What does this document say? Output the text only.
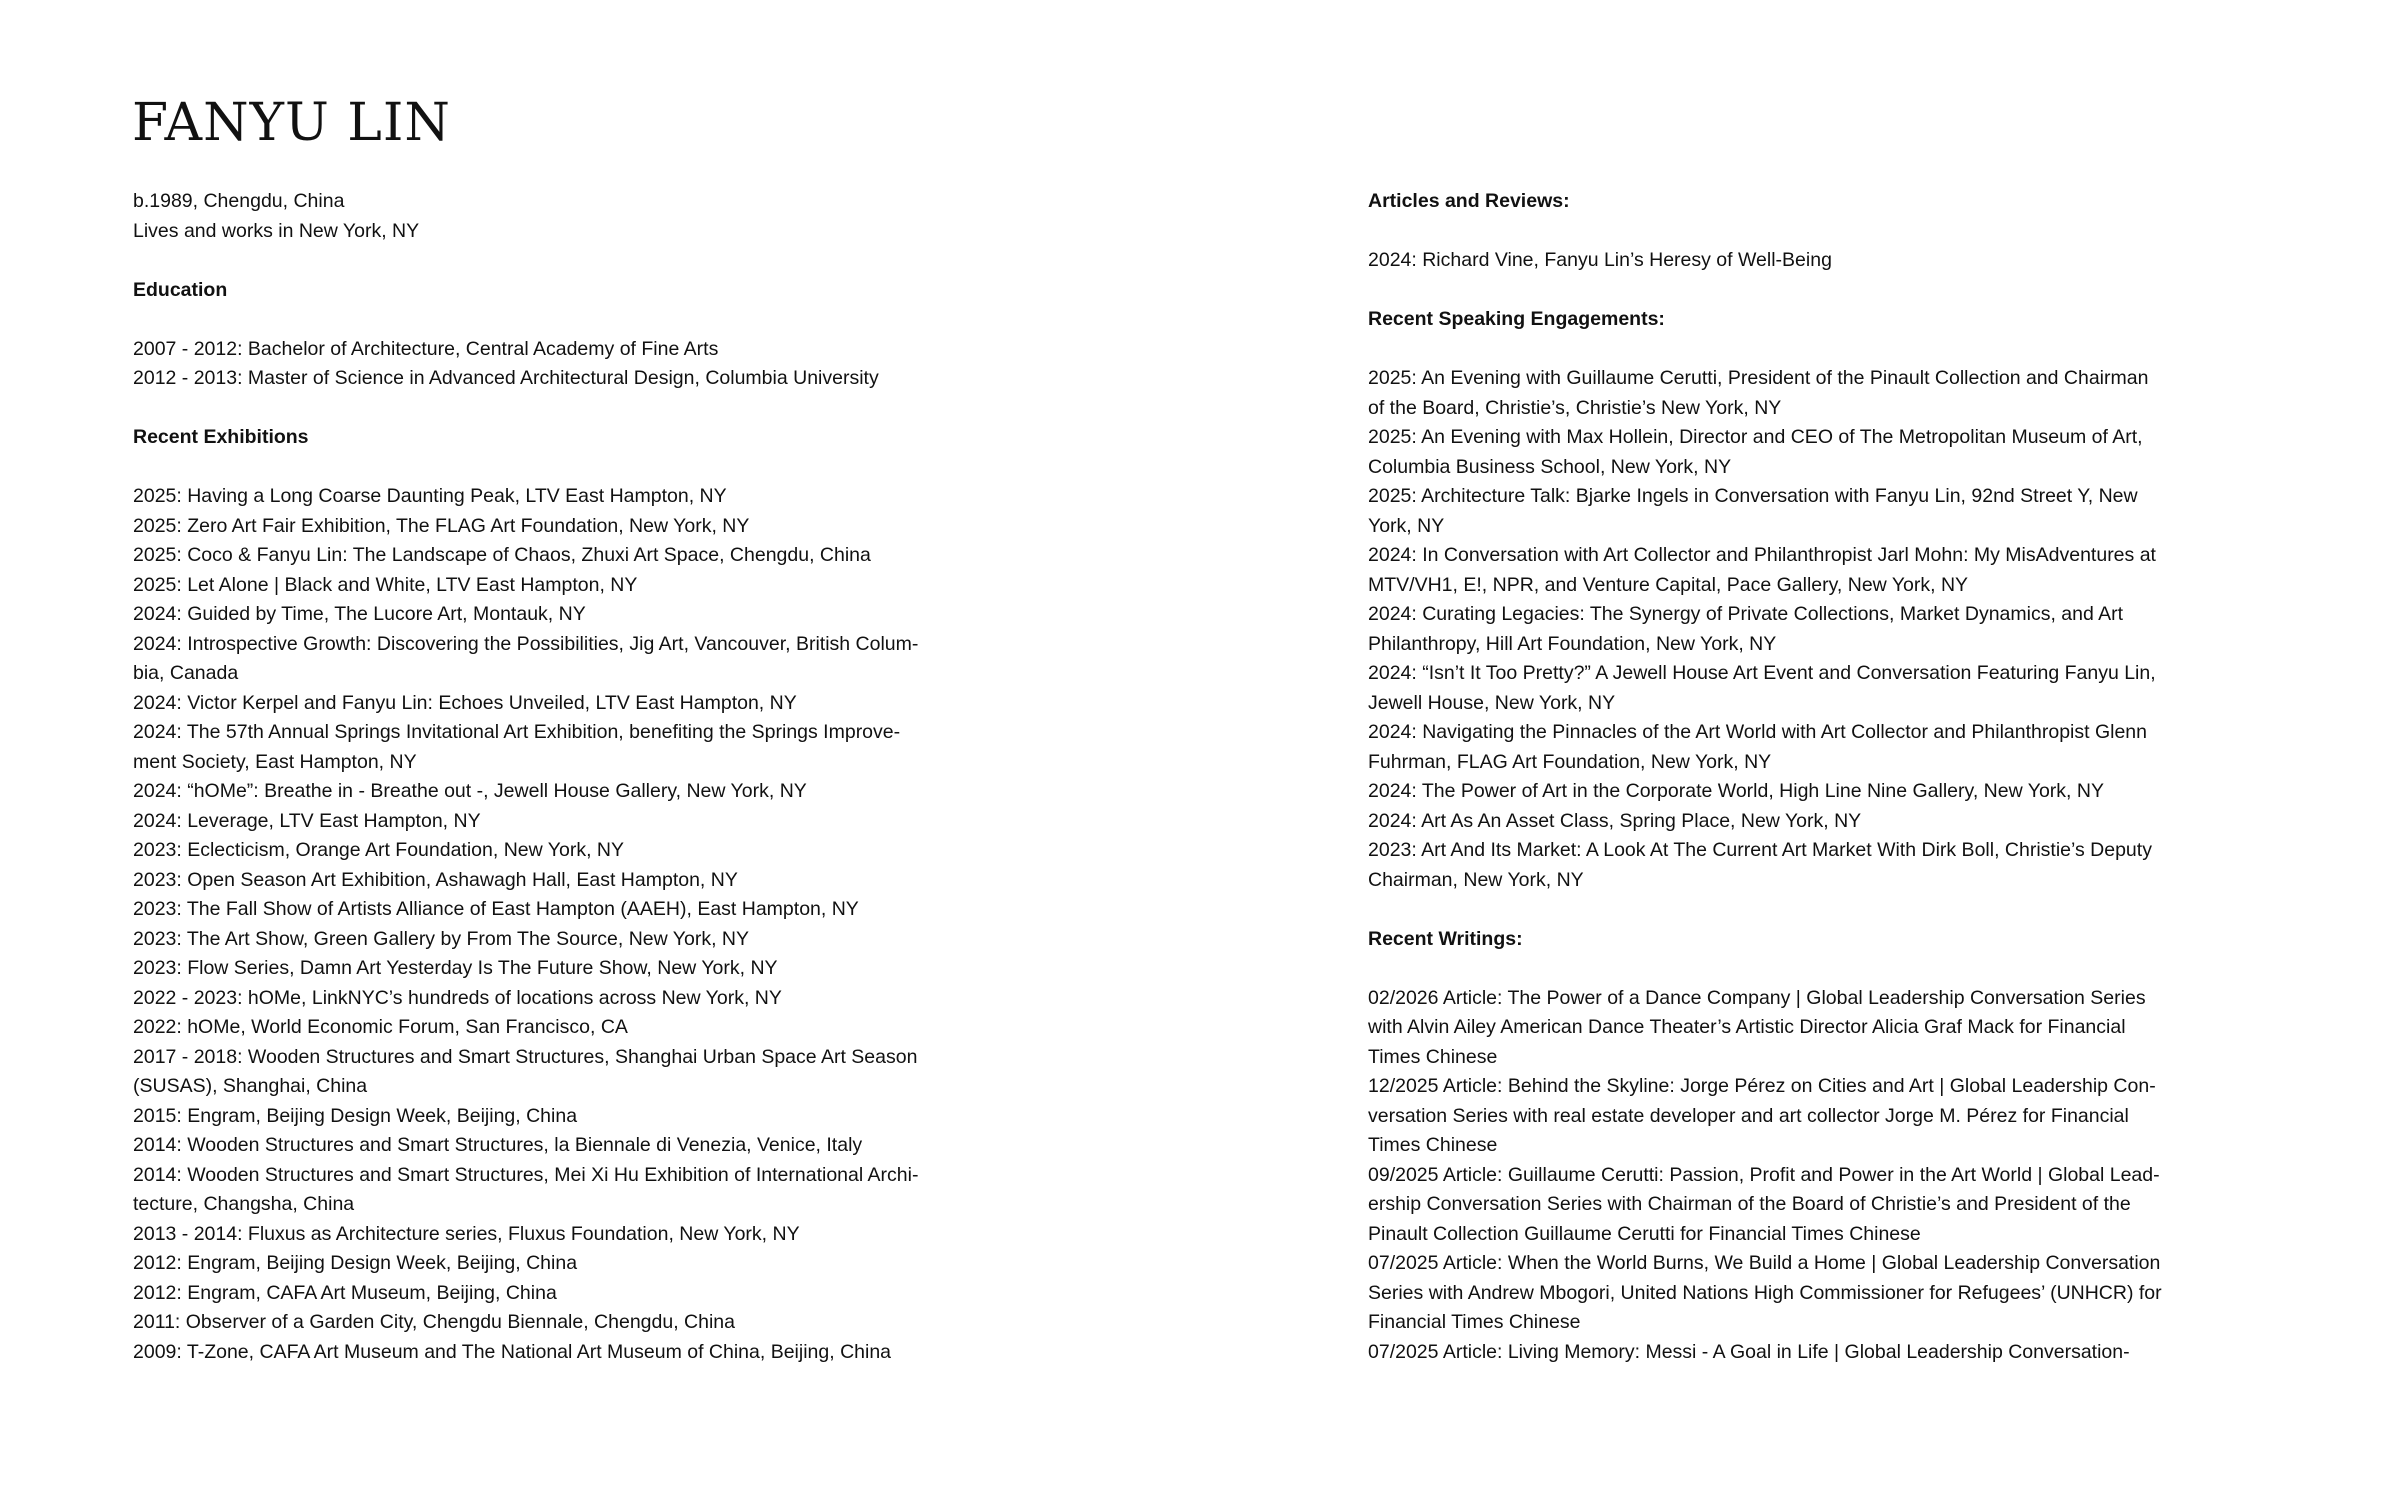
FANYU LIN

b.1989, Chengdu, China

Lives and works in New York, NY

Education

2007 - 2012: Bachelor of Architecture, Central Academy of Fine Arts
2012 - 2013: Master of Science in Advanced Architectural Design, Columbia University

Recent Exhibitions

2025: Having a Long Coarse Daunting Peak, LTV East Hampton, NY
2025: Zero Art Fair Exhibition, The FLAG Art Foundation, New York, NY
2025: Coco & Fanyu Lin: The Landscape of Chaos, Zhuxi Art Space, Chengdu, China
2025: Let Alone | Black and White, LTV East Hampton, NY
2024: Guided by Time, The Lucore Art, Montauk, NY
2024: Introspective Growth: Discovering the Possibilities, Jig Art, Vancouver, British Colum-
bia, Canada
2024: Victor Kerpel and Fanyu Lin: Echoes Unveiled, LTV East Hampton, NY
2024: The 57th Annual Springs Invitational Art Exhibition, benefiting the Springs Improve-
ment Society, East Hampton, NY
2024: “hOMe”: Breathe in - Breathe out -, Jewell House Gallery, New York, NY
2024: Leverage, LTV East Hampton, NY
2023: Eclecticism, Orange Art Foundation, New York, NY
2023: Open Season Art Exhibition, Ashawagh Hall, East Hampton, NY
2023: The Fall Show of Artists Alliance of East Hampton (AAEH), East Hampton, NY
2023: The Art Show, Green Gallery by From The Source, New York, NY
2023: Flow Series, Damn Art Yesterday Is The Future Show, New York, NY
2022 - 2023: hOMe, LinkNYC’s hundreds of locations across New York, NY
2022: hOMe, World Economic Forum, San Francisco, CA
2017 - 2018: Wooden Structures and Smart Structures, Shanghai Urban Space Art Season
(SUSAS), Shanghai, China
2015: Engram, Beijing Design Week, Beijing, China
2014: Wooden Structures and Smart Structures, la Biennale di Venezia, Venice, Italy
2014: Wooden Structures and Smart Structures, Mei Xi Hu Exhibition of International Archi-
tecture, Changsha, China
2013 - 2014: Fluxus as Architecture series, Fluxus Foundation, New York, NY
2012: Engram, Beijing Design Week, Beijing, China
2012: Engram, CAFA Art Museum, Beijing, China
2011: Observer of a Garden City, Chengdu Biennale, Chengdu, China
2009: T-Zone, CAFA Art Museum and The National Art Museum of China, Beijing, China

Articles and Reviews:

2024: Richard Vine, Fanyu Lin’s Heresy of Well-Being

Recent Speaking Engagements:

2025: An Evening with Guillaume Cerutti, President of the Pinault Collection and Chairman
of the Board, Christie’s, Christie’s New York, NY
2025: An Evening with Max Hollein, Director and CEO of The Metropolitan Museum of Art,
Columbia Business School, New York, NY
2025: Architecture Talk: Bjarke Ingels in Conversation with Fanyu Lin, 92nd Street Y, New
York, NY
2024: In Conversation with Art Collector and Philanthropist Jarl Mohn: My MisAdventures at
MTV/VH1, E!, NPR, and Venture Capital, Pace Gallery, New York, NY
2024: Curating Legacies: The Synergy of Private Collections, Market Dynamics, and Art
Philanthropy, Hill Art Foundation, New York, NY
2024: “Isn’t It Too Pretty?” A Jewell House Art Event and Conversation Featuring Fanyu Lin,
Jewell House, New York, NY
2024: Navigating the Pinnacles of the Art World with Art Collector and Philanthropist Glenn
Fuhrman, FLAG Art Foundation, New York, NY
2024: The Power of Art in the Corporate World, High Line Nine Gallery, New York, NY
2024: Art As An Asset Class, Spring Place, New York, NY
2023: Art And Its Market: A Look At The Current Art Market With Dirk Boll, Christie’s Deputy
Chairman, New York, NY

Recent Writings:

02/2026 Article: The Power of a Dance Company | Global Leadership Conversation Series
with Alvin Ailey American Dance Theater’s Artistic Director Alicia Graf Mack for Financial
Times Chinese
12/2025 Article: Behind the Skyline: Jorge Pérez on Cities and Art | Global Leadership Con-
versation Series with real estate developer and art collector Jorge M. Pérez for Financial
Times Chinese
09/2025 Article: Guillaume Cerutti: Passion, Profit and Power in the Art World | Global Lead-
ership Conversation Series with Chairman of the Board of Christie’s and President of the
Pinault Collection Guillaume Cerutti for Financial Times Chinese
07/2025 Article: When the World Burns, We Build a Home | Global Leadership Conversation
Series with Andrew Mbogori, United Nations High Commissioner for Refugees’ (UNHCR) for
Financial Times Chinese
07/2025 Article: Living Memory: Messi - A Goal in Life | Global Leadership Conversation-
